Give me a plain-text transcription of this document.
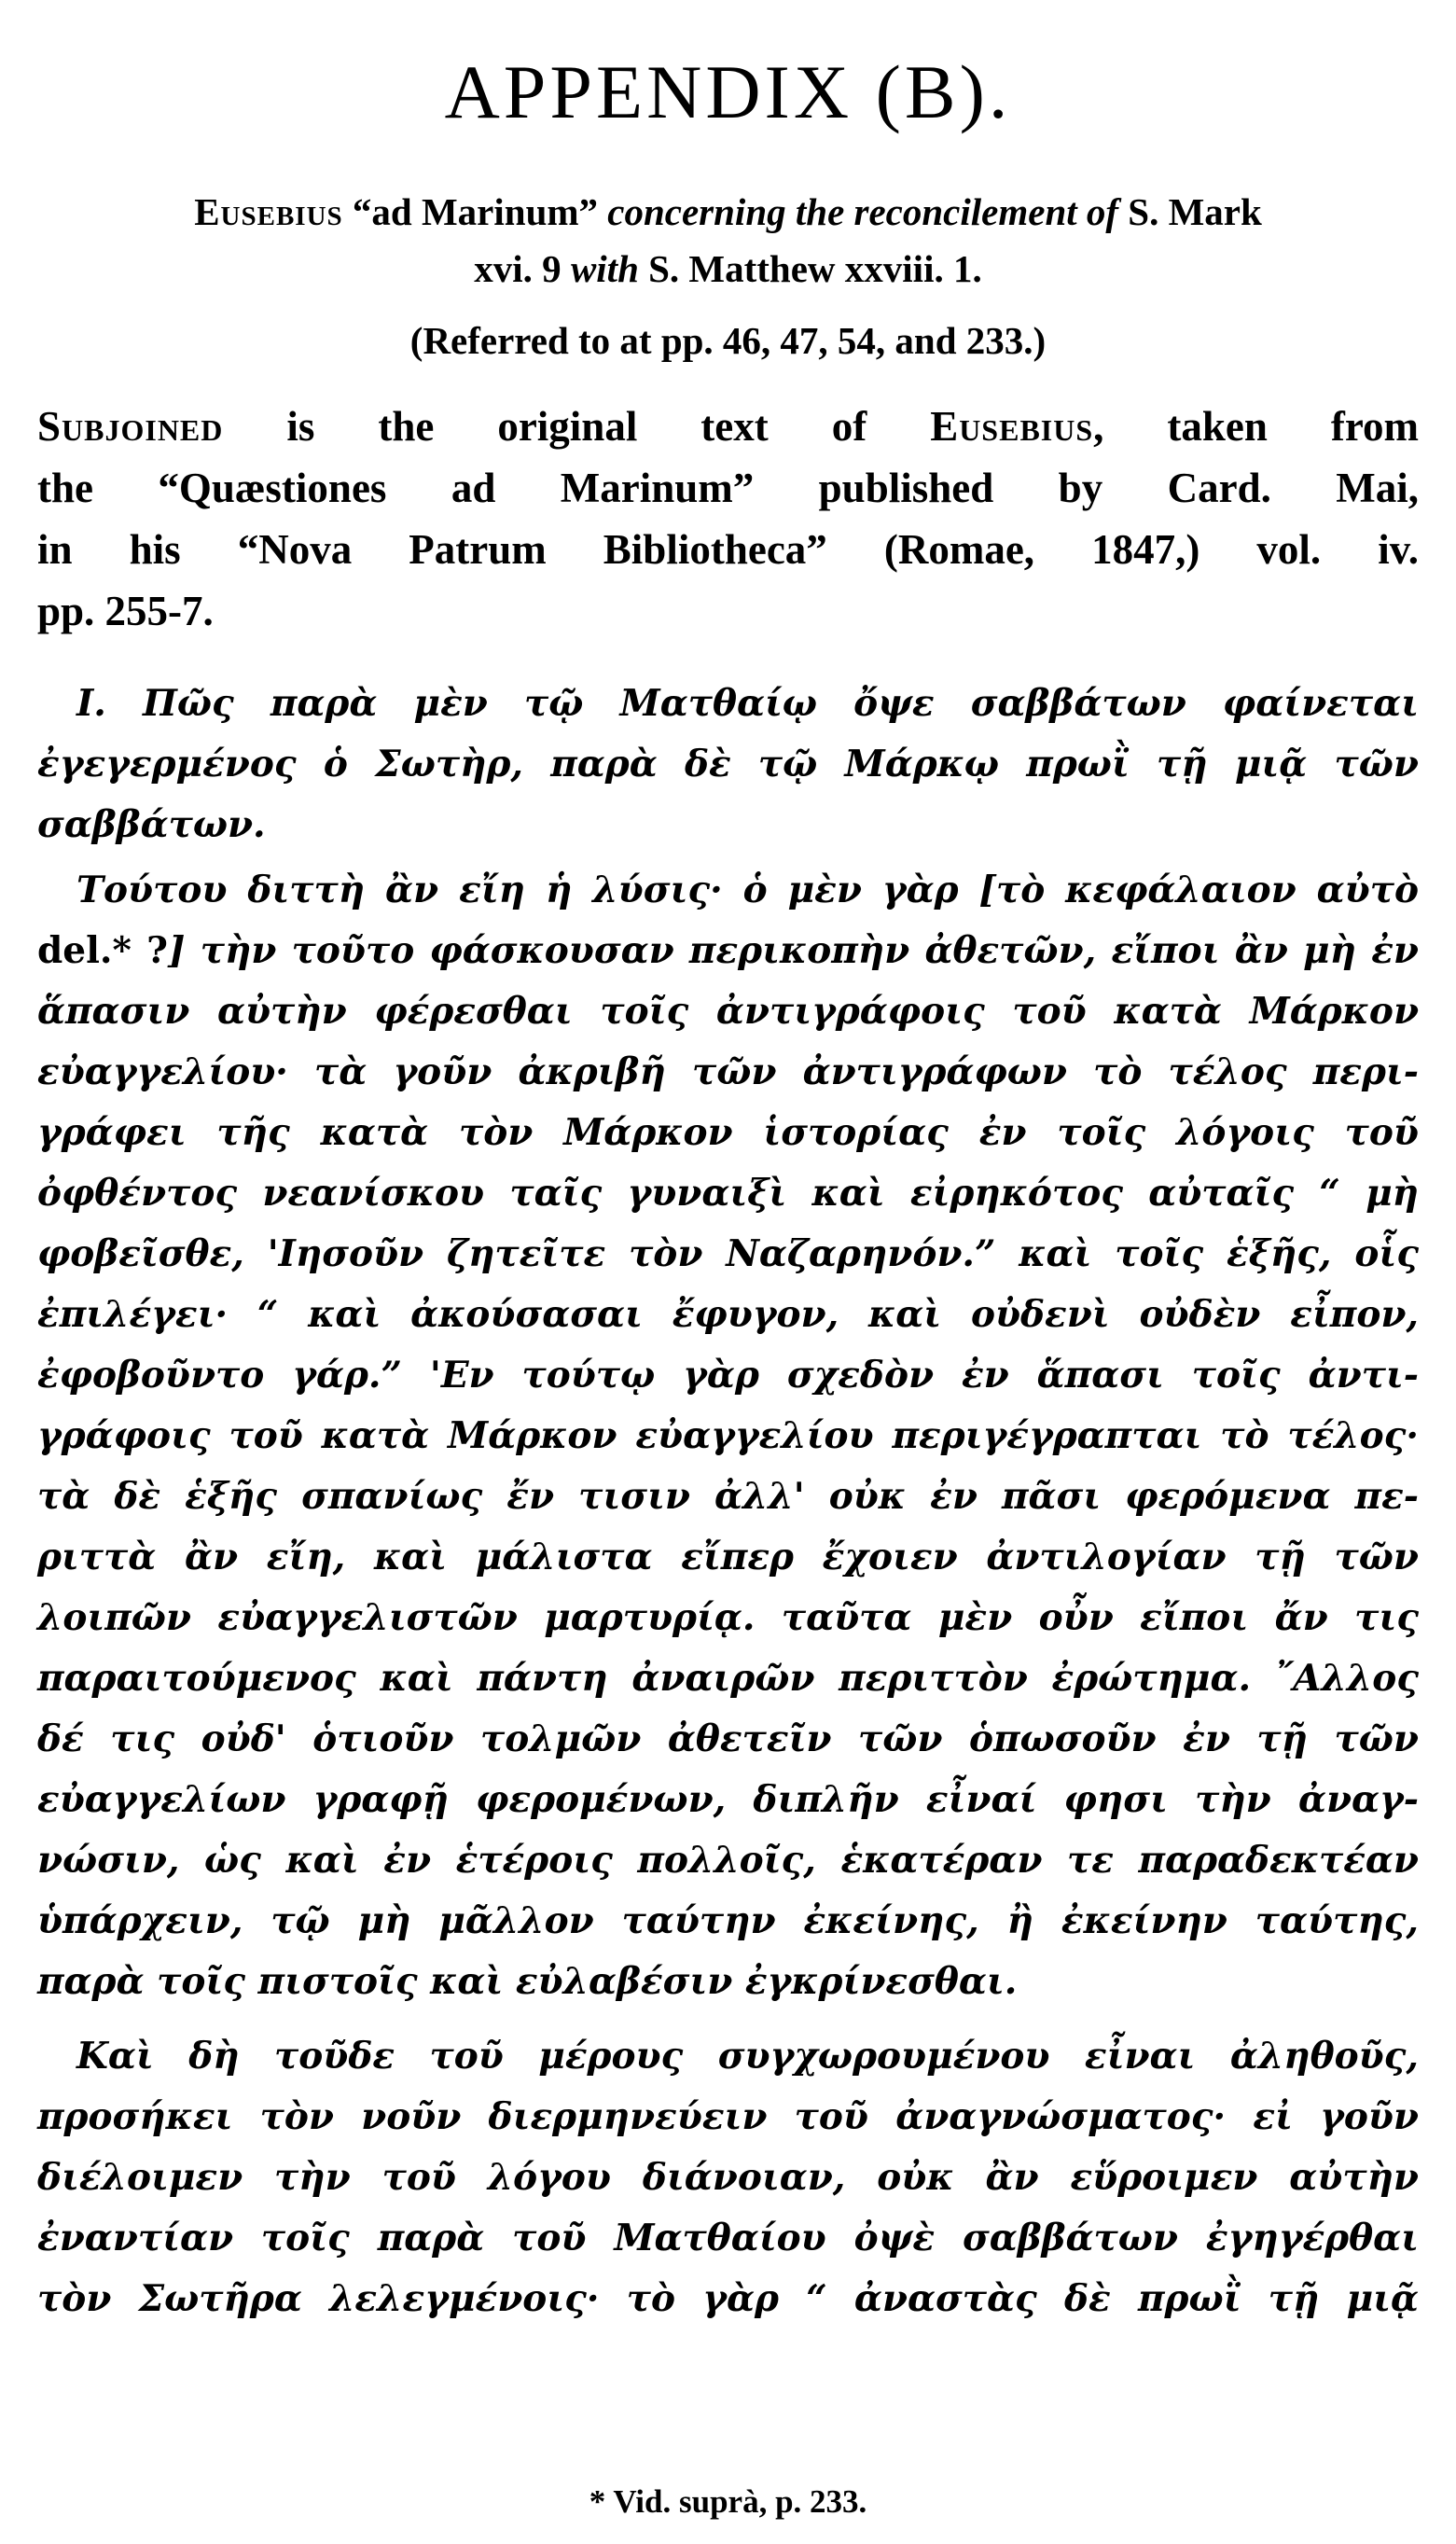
APPENDIX (B).
Eusebius “ad Marinum” concerning the reconcilement of S. Mark
xvi. 9 with S. Matthew xxviii. 1.
(Referred to at pp. 46, 47, 54, and 233.)
Subjoined is the original text of Eusebius, taken from
the “Quæstiones ad Marinum” published by Card. Mai,
in his “Nova Patrum Bibliotheca” (Romae, 1847,) vol. iv.
pp. 255-7.
I. Πῶς παρὰ μὲν τῷ Ματθαίῳ ὄψε σαββάτων φαίνεται
ἐγεγερμένος ὁ Σωτὴρ, παρὰ δὲ τῷ Μάρκῳ πρωῒ τῇ μιᾷ τῶν
σαββάτων.
Τούτου διττὴ ἂν εἴη ἡ λύσις· ὁ μὲν γὰρ [τὸ κεφάλαιον αὐτὸ
del.* ?] τὴν τοῦτο φάσκουσαν περικοπὴν ἀθετῶν, εἴποι ἂν μὴ ἐν
ἅπασιν αὐτὴν φέρεσθαι τοῖς ἀντιγράφοις τοῦ κατὰ Μάρκον
εὐαγγελίου· τὰ γοῦν ἀκριβῆ τῶν ἀντιγράφων τὸ τέλος περι-
γράφει τῆς κατὰ τὸν Μάρκον ἱστορίας ἐν τοῖς λόγοις τοῦ
ὀφθέντος νεανίσκου ταῖς γυναιξὶ καὶ εἰρηκότος αὐταῖς “ μὴ
φοβεῖσθε, 'Ιησοῦν ζητεῖτε τὸν Ναζαρηνόν.” καὶ τοῖς ἑξῆς, οἷς
ἐπιλέγει· “ καὶ ἀκούσασαι ἔφυγον, καὶ οὐδενὶ οὐδὲν εἶπον,
ἐφοβοῦντο γάρ.” 'Εν τούτῳ γὰρ σχεδὸν ἐν ἅπασι τοῖς ἀντι-
γράφοις τοῦ κατὰ Μάρκον εὐαγγελίου περιγέγραπται τὸ τέλος·
τὰ δὲ ἑξῆς σπανίως ἔν τισιν ἀλλ' οὐκ ἐν πᾶσι φερόμενα πε-
ριττὰ ἂν εἴη, καὶ μάλιστα εἴπερ ἔχοιεν ἀντιλογίαν τῇ τῶν
λοιπῶν εὐαγγελιστῶν μαρτυρίᾳ. ταῦτα μὲν οὖν εἴποι ἄν τις
παραιτούμενος καὶ πάντη ἀναιρῶν περιττὸν ἐρώτημα. ῎Αλλος
δέ τις οὐδ' ὁτιοῦν τολμῶν ἀθετεῖν τῶν ὁπωσοῦν ἐν τῇ τῶν
εὐαγγελίων γραφῇ φερομένων, διπλῆν εἶναί φησι τὴν ἀναγ-
νώσιν, ὡς καὶ ἐν ἑτέροις πολλοῖς, ἑκατέραν τε παραδεκτέαν
ὑπάρχειν, τῷ μὴ μᾶλλον ταύτην ἐκείνης, ἢ ἐκείνην ταύτης,
παρὰ τοῖς πιστοῖς καὶ εὐλαβέσιν ἐγκρίνεσθαι.
Καὶ δὴ τοῦδε τοῦ μέρους συγχωρουμένου εἶναι ἀληθοῦς,
προσήκει τὸν νοῦν διερμηνεύειν τοῦ ἀναγνώσματος· εἰ γοῦν
διέλοιμεν τὴν τοῦ λόγου διάνοιαν, οὐκ ἂν εὕροιμεν αὐτὴν
ἐναντίαν τοῖς παρὰ τοῦ Ματθαίου ὀψὲ σαββάτων ἐγηγέρθαι
τὸν Σωτῆρα λελεγμένοις· τὸ γὰρ “ ἀναστὰς δὲ πρωῒ τῇ μιᾷ
* Vid. suprà, p. 233.
